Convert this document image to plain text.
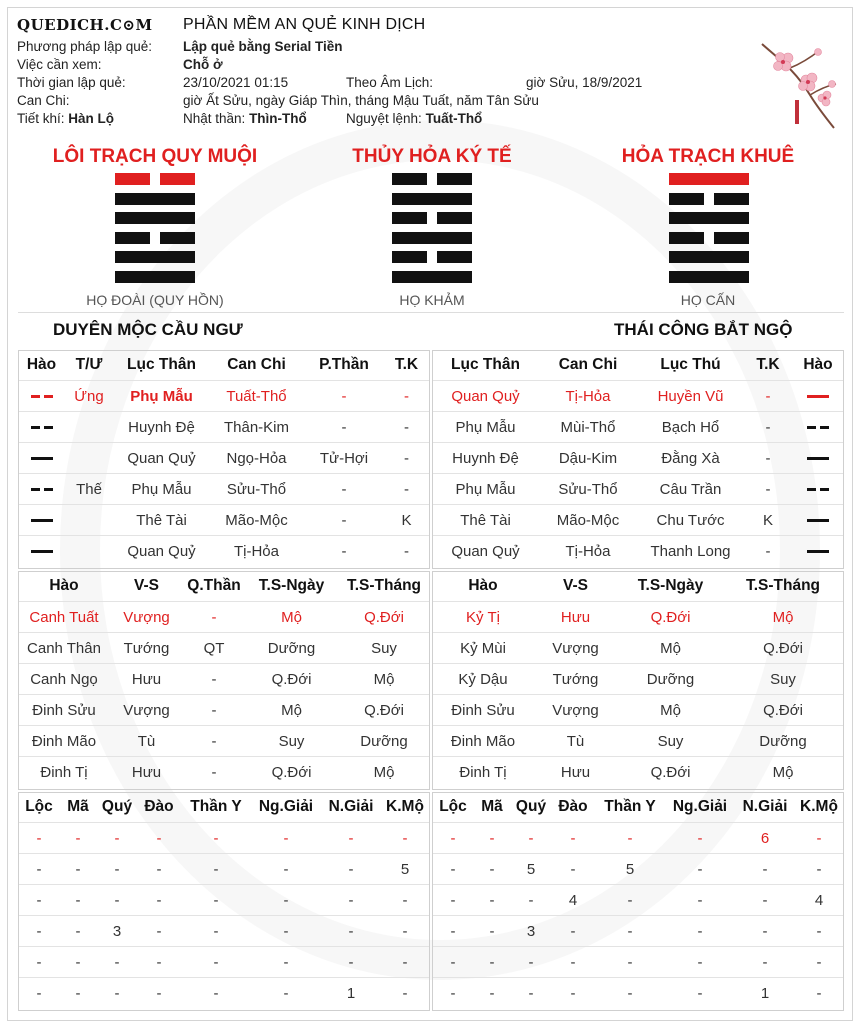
QUEDICH.C⊙M PHẦN MỀM AN QUẺ KINH DỊCH
Phương pháp lập quẻ: Lập quẻ bằng Serial Tiền
Việc cần xem:	Chỗ ở
Thời gian lập quẻ:	23/10/2021 01:15	Theo Âm Lịch:	giờ Sửu, 18/9/2021
Can Chi:	giờ Ất Sửu, ngày Giáp Thìn, tháng Mậu Tuất, năm Tân Sửu
Tiết khí: Hàn Lộ	Nhật thần: Thìn-Thổ	Nguyệt lệnh: Tuất-Thổ
LÔI TRẠCH QUY MUỘI	THỦY HỎA KÝ TẾ	HỎA TRẠCH KHUÊ
HỌ ĐOÀI (QUY HỒN)	HỌ KHẢM	HỌ CẤN
DUYÊN MỘC CẦU NGƯ	THÁI CÔNG BẮT NGỘ
Hào	T/Ư	Lục Thân	Can Chi	P.Thần	T.K
	Ứng	Phụ Mẫu	Tuất-Thổ	-	-
		Huynh Đệ	Thân-Kim	-	-
		Quan Quỷ	Ngọ-Hỏa	Tử-Hợi	-
	Thế	Phụ Mẫu	Sửu-Thổ	-	-
		Thê Tài	Mão-Mộc	-	K
		Quan Quỷ	Tị-Hỏa	-	-
Lục Thân	Can Chi	Lục Thú	T.K	Hào
Quan Quỷ	Tị-Hỏa	Huyền Vũ	-	
Phụ Mẫu	Mùi-Thổ	Bạch Hổ	-	
Huynh Đệ	Dậu-Kim	Đằng Xà	-	
Phụ Mẫu	Sửu-Thổ	Câu Trần	-	
Thê Tài	Mão-Mộc	Chu Tước	K	
Quan Quỷ	Tị-Hỏa	Thanh Long	-	
Hào	V-S	Q.Thần	T.S-Ngày	T.S-Tháng
Canh Tuất	Vượng	-	Mộ	Q.Đới
Canh Thân	Tướng	QT	Dưỡng	Suy
Canh Ngọ	Hưu	-	Q.Đới	Mộ
Đinh Sửu	Vượng	-	Mộ	Q.Đới
Đinh Mão	Tù	-	Suy	Dưỡng
Đinh Tị	Hưu	-	Q.Đới	Mộ
Hào	V-S	T.S-Ngày	T.S-Tháng
Kỷ Tị	Hưu	Q.Đới	Mộ
Kỷ Mùi	Vượng	Mộ	Q.Đới
Kỷ Dậu	Tướng	Dưỡng	Suy
Đinh Sửu	Vượng	Mộ	Q.Đới
Đinh Mão	Tù	Suy	Dưỡng
Đinh Tị	Hưu	Q.Đới	Mộ
Lộc	Mã	Quý	Đào	Thần Y	Ng.Giải	N.Giải	K.Mộ
-	-	-	-	-	-	-	-
-	-	-	-	-	-	-	5
-	-	-	-	-	-	-	-
-	-	3	-	-	-	-	-
-	-	-	-	-	-	-	-
-	-	-	-	-	-	1	-
Lộc	Mã	Quý	Đào	Thần Y	Ng.Giải	N.Giải	K.Mộ
-	-	-	-	-	-	6	-
-	-	5	-	5	-	-	-
-	-	-	4	-	-	-	4
-	-	3	-	-	-	-	-
-	-	-	-	-	-	-	-
-	-	-	-	-	-	1	-
